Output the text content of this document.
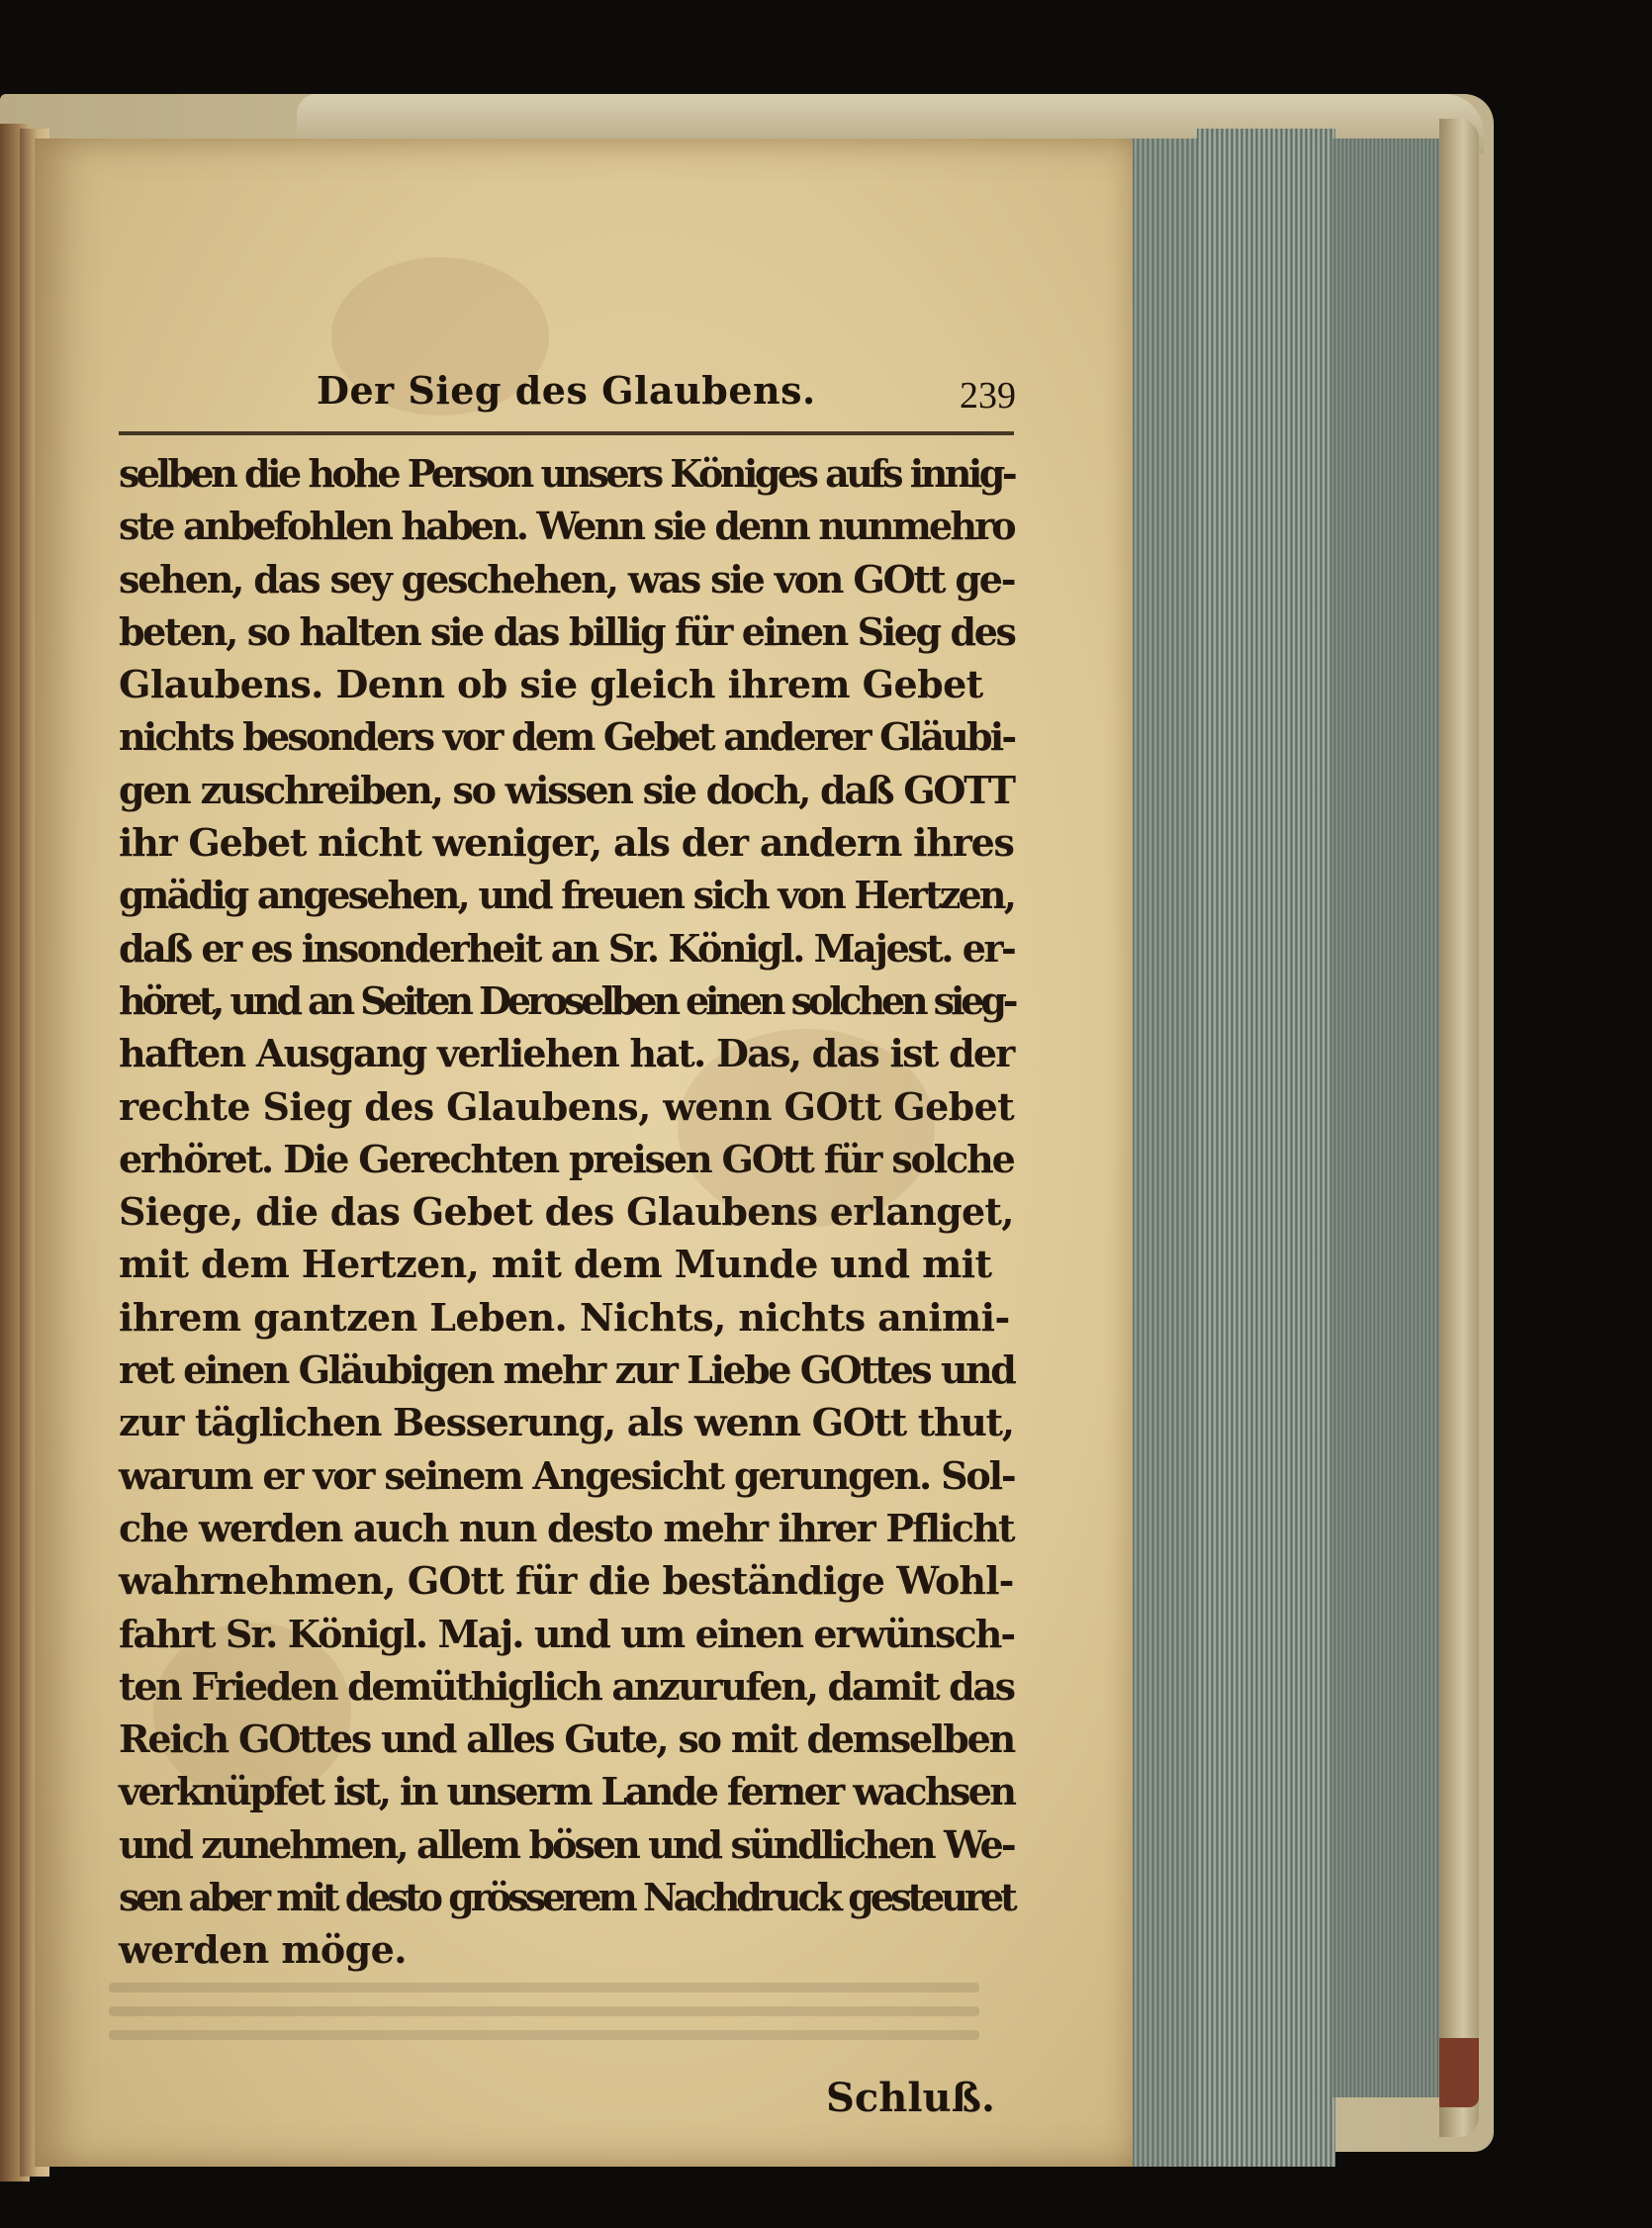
Der Sieg des Glaubens.	239
selben die hohe Person unsers Königes aufs innig-
ste anbefohlen haben. Wenn sie denn nunmehro
sehen, das sey geschehen, was sie von GOtt ge-
beten, so halten sie das billig für einen Sieg des
Glaubens. Denn ob sie gleich ihrem Gebet
nichts besonders vor dem Gebet anderer Gläubi-
gen zuschreiben, so wissen sie doch, daß GOTT
ihr Gebet nicht weniger, als der andern ihres
gnädig angesehen, und freuen sich von Hertzen,
daß er es insonderheit an Sr. Königl. Majest. er-
höret, und an Seiten Deroselben einen solchen sieg-
haften Ausgang verliehen hat. Das, das ist der
rechte Sieg des Glaubens, wenn GOtt Gebet
erhöret. Die Gerechten preisen GOtt für solche
Siege, die das Gebet des Glaubens erlanget,
mit dem Hertzen, mit dem Munde und mit
ihrem gantzen Leben. Nichts, nichts animi-
ret einen Gläubigen mehr zur Liebe GOttes und
zur täglichen Besserung, als wenn GOtt thut,
warum er vor seinem Angesicht gerungen. Sol-
che werden auch nun desto mehr ihrer Pflicht
wahrnehmen, GOtt für die beständige Wohl-
fahrt Sr. Königl. Maj. und um einen erwünsch-
ten Frieden demüthiglich anzurufen, damit das
Reich GOttes und alles Gute, so mit demselben
verknüpfet ist, in unserm Lande ferner wachsen
und zunehmen, allem bösen und sündlichen We-
sen aber mit desto grösserem Nachdruck gesteuret
werden möge.
Schluß.
